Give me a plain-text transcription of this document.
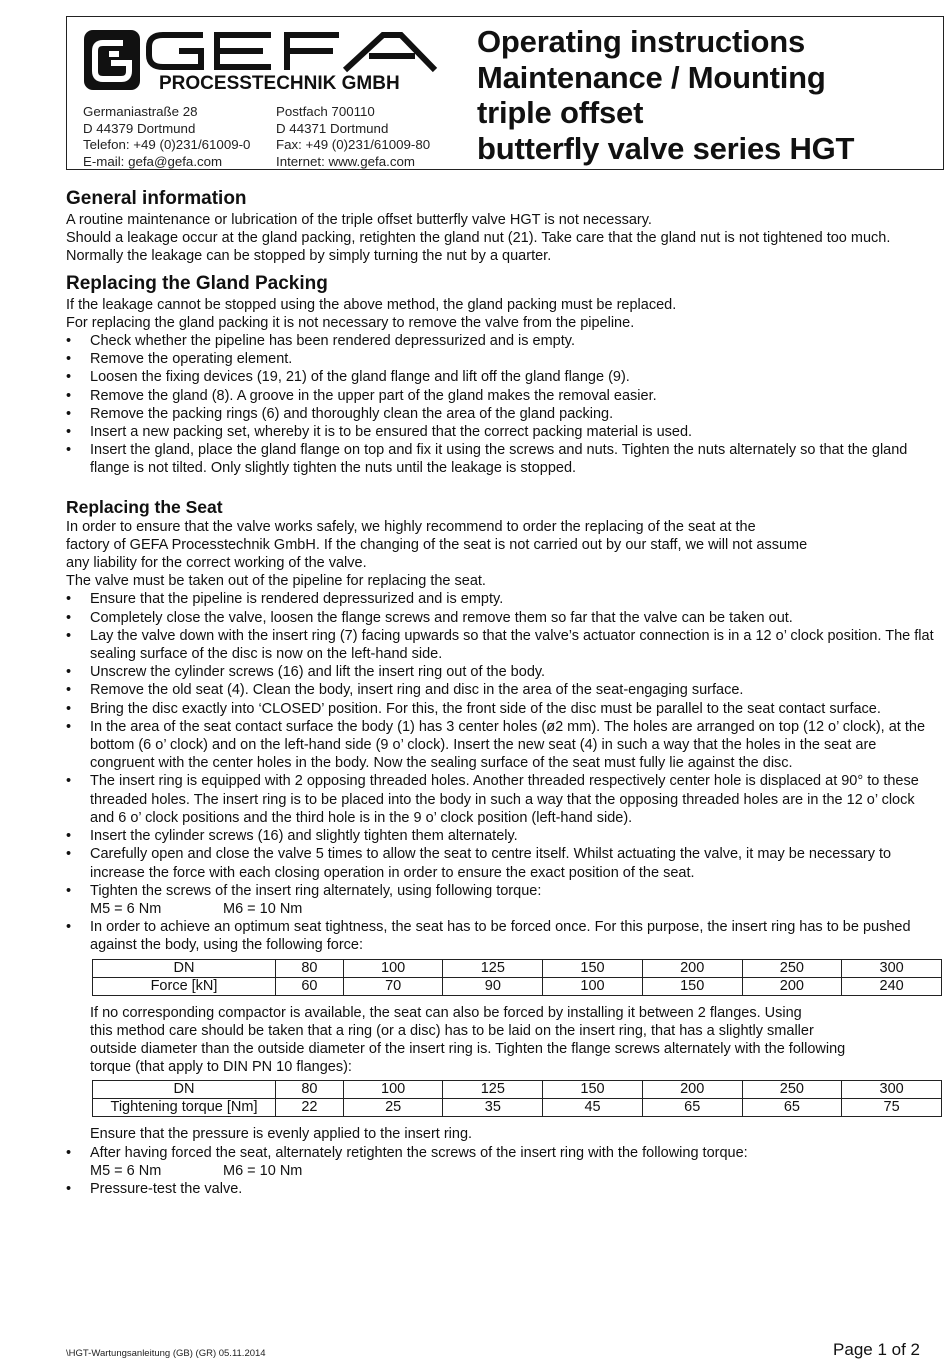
PROCESSTECHNIK GMBH
Germaniastraße 28
D 44379 Dortmund
Telefon: +49 (0)231/61009-0
E-mail: gefa@gefa.com
Postfach 700110
D 44371 Dortmund
Fax: +49 (0)231/61009-80
Internet: www.gefa.com
Operating instructions
Maintenance / Mounting
triple offset
butterfly valve series HGT
General information

A routine maintenance or lubrication of the triple offset butterfly valve HGT is not necessary.

Should a leakage occur at the gland packing, retighten the gland nut (21). Take care that the gland nut is not tightened too much. Normally the leakage can be stopped by simply turning the nut by a quarter.

Replacing the Gland Packing

If the leakage cannot be stopped using the above method, the gland packing must be replaced.

For replacing the gland packing it is not necessary to remove the valve from the pipeline.

• Check whether the pipeline has been rendered depressurized and is empty.
• Remove the operating element.
• Loosen the fixing devices (19, 21) of the gland flange and lift off the gland flange (9).
• Remove the gland (8). A groove in the upper part of the gland makes the removal easier.
• Remove the packing rings (6) and thoroughly clean the area of the gland packing.
• Insert a new packing set, whereby it is to be ensured that the correct packing material is used.
• Insert the gland, place the gland flange on top and fix it using the screws and nuts. Tighten the nuts alternately so that the gland flange is not tilted. Only slightly tighten the nuts until the leakage is stopped.
Replacing the Seat

In order to ensure that the valve works safely, we highly recommend to order the replacing of the seat at the

factory of GEFA Processtechnik GmbH. If the changing of the seat is not carried out by our staff, we will not assume

any liability for the correct working of the valve.

The valve must be taken out of the pipeline for replacing the seat.

• Ensure that the pipeline is rendered depressurized and is empty.
• Completely close the valve, loosen the flange screws and remove them so far that the valve can be taken out.
• Lay the valve down with the insert ring (7) facing upwards so that the valve’s actuator connection is in a 12 o’ clock position. The flat sealing surface of the disc is now on the left-hand side.
• Unscrew the cylinder screws (16) and lift the insert ring out of the body.
• Remove the old seat (4). Clean the body, insert ring and disc in the area of the seat-engaging surface.
• Bring the disc exactly into ‘CLOSED’ position. For this, the front side of the disc must be parallel to the seat contact surface.
• In the area of the seat contact surface the body (1) has 3 center holes (ø2 mm). The holes are arranged on top (12 o’ clock), at the bottom (6 o’ clock) and on the left-hand side (9 o’ clock). Insert the new seat (4) in such a way that the holes in the seat are congruent with the center holes in the body. Now the sealing surface of the seat must fully lie against the disc.
• The insert ring is equipped with 2 opposing threaded holes. Another threaded respectively center hole is displaced at 90° to these threaded holes. The insert ring is to be placed into the body in such a way that the opposing threaded holes are in the 12 o’ clock and 6 o’ clock positions and the third hole is in the 9 o’ clock position (left-hand side).
• Insert the cylinder screws (16) and slightly tighten them alternately.
• Carefully open and close the valve 5 times to allow the seat to centre itself. Whilst actuating the valve, it may be necessary to increase the force with each closing operation in order to ensure the exact position of the seat.
• Tighten the screws of the insert ring alternately, using following torque:
M5 = 6 Nm	M6 = 10 Nm
• In order to achieve an optimum seat tightness, the seat has to be forced once. For this purpose, the insert ring has to be pushed against the body, using the following force:
DN	80	100	125	150	200	250	300
Force [kN]	60	70	90	100	150	200	240

If no corresponding compactor is available, the seat can also be forced by installing it between 2 flanges. Using

this method care should be taken that a ring (or a disc) has to be laid on the insert ring, that has a slightly smaller

outside diameter than the outside diameter of the insert ring is. Tighten the flange screws alternately with the following

torque (that apply to DIN PN 10 flanges):

DN	80	100	125	150	200	250	300
Tightening torque [Nm]	22	25	35	45	65	65	75

Ensure that the pressure is evenly applied to the insert ring.

• After having forced the seat, alternately retighten the screws of the insert ring with the following torque:
M5 = 6 Nm	M6 = 10 Nm
• Pressure-test the valve.
\HGT-Wartungsanleitung (GB) (GR) 05.11.2014	Page 1 of 2
